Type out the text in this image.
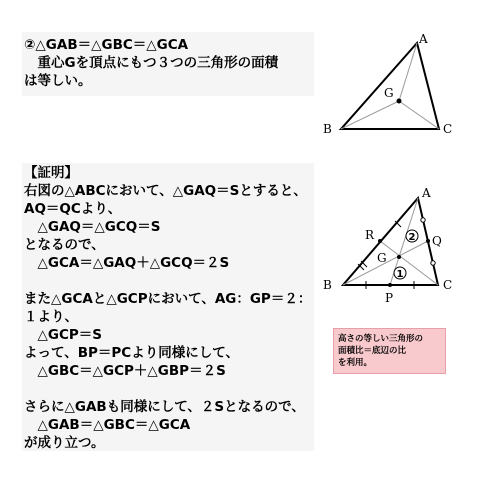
②△GAB＝△GBC＝△GCA
　重心Gを頂点にもつ３つの三角形の面積
は等しい。
A
B	C
G
【証明】
右図の△ABCにおいて、△GAQ＝Sとすると、
AQ＝QCより、
　△GAQ＝△GCQ＝S
となるので、
　△GCA＝△GAQ＋△GCQ＝２S
また△GCAと△GCPにおいて、AG：GP＝２：
１より、
　△GCP＝S
よって、BP＝PCより同様にして、
　△GBC＝△GCP＋△GBP＝２S
さらに△GABも同様にして、２Sとなるので、
　△GAB＝△GBC＝△GCA
が成り立つ。
2
1
A
B	C
G
P
Q
R
高さの等しい三角形の
面積比＝底辺の比
を利用。
